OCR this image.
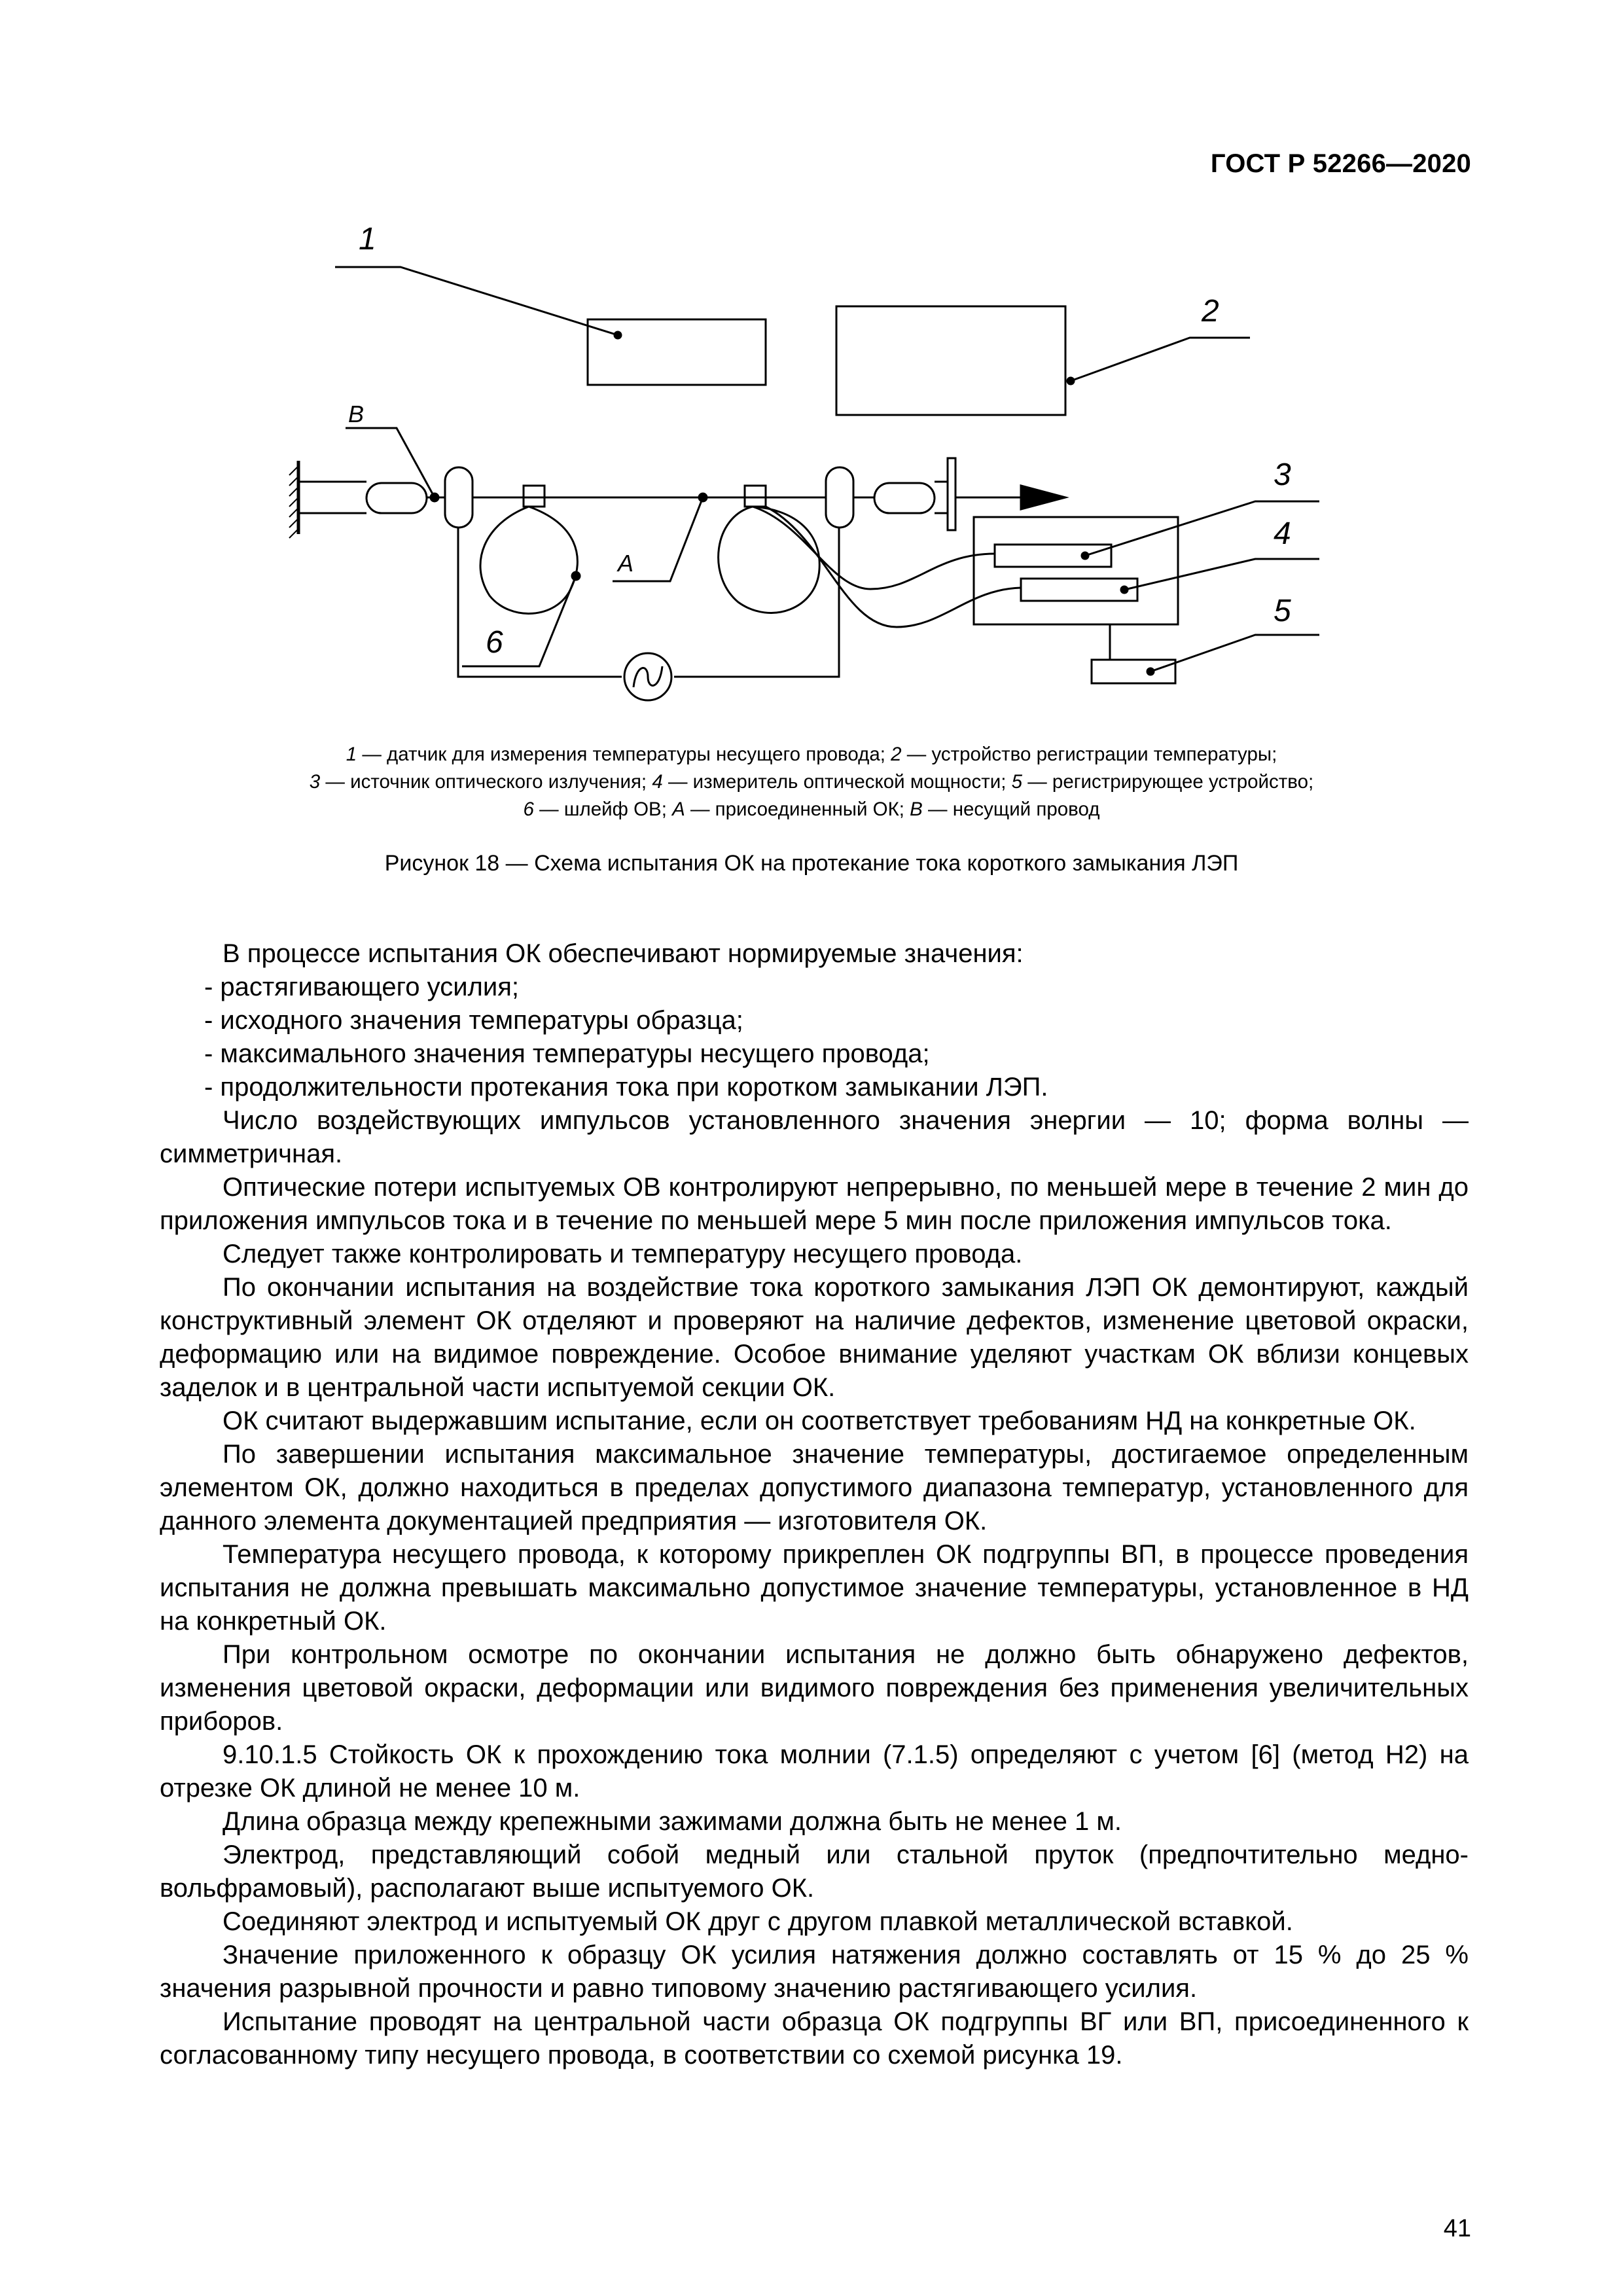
ГОСТ Р 52266—2020
1
2
3
4
5
6
A
B
1 — датчик для измерения температуры несущего провода; 2 — устройство регистрации температуры;
3 — источник оптического излучения; 4 — измеритель оптической мощности; 5 — регистрирующее устройство;
6 — шлейф ОВ; А — присоединенный ОК; В — несущий провод
Рисунок 18 — Схема испытания ОК на протекание тока короткого замыкания ЛЭП

В процессе испытания ОК обеспечивают нормируемые значения:

- растягивающего усилия;

- исходного значения температуры образца;

- максимального значения температуры несущего провода;

- продолжительности протекания тока при коротком замыкании ЛЭП.

Число воздействующих импульсов установленного значения энергии — 10; форма волны — симметричная.

Оптические потери испытуемых ОВ контролируют непрерывно, по меньшей мере в течение 2 мин до приложения импульсов тока и в течение по меньшей мере 5 мин после приложения импульсов тока.

Следует также контролировать и температуру несущего провода.

По окончании испытания на воздействие тока короткого замыкания ЛЭП ОК демонтируют, каждый конструктивный элемент ОК отделяют и проверяют на наличие дефектов, изменение цветовой окраски, деформацию или на видимое повреждение. Особое внимание уделяют участкам ОК вблизи концевых заделок и в центральной части испытуемой секции ОК.

ОК считают выдержавшим испытание, если он соответствует требованиям НД на конкретные ОК.

По завершении испытания максимальное значение температуры, достигаемое определенным элементом ОК, должно находиться в пределах допустимого диапазона температур, установленного для данного элемента документацией предприятия — изготовителя ОК.

Температура несущего провода, к которому прикреплен ОК подгруппы ВП, в процессе проведения испытания не должна превышать максимально допустимое значение температуры, установленное в НД на конкретный ОК.

При контрольном осмотре по окончании испытания не должно быть обнаружено дефектов, изменения цветовой окраски, деформации или видимого повреждения без применения увеличительных приборов.

9.10.1.5 Стойкость ОК к прохождению тока молнии (7.1.5) определяют с учетом [6] (метод Н2) на отрезке ОК длиной не менее 10 м.

Длина образца между крепежными зажимами должна быть не менее 1 м.

Электрод, представляющий собой медный или стальной пруток (предпочтительно медно-вольфрамовый), располагают выше испытуемого ОК.

Соединяют электрод и испытуемый ОК друг с другом плавкой металлической вставкой.

Значение приложенного к образцу ОК усилия натяжения должно составлять от 15 % до 25 % значения разрывной прочности и равно типовому значению растягивающего усилия.

Испытание проводят на центральной части образца ОК подгруппы ВГ или ВП, присоединенного к согласованному типу несущего провода, в соответствии со схемой рисунка 19.

41
